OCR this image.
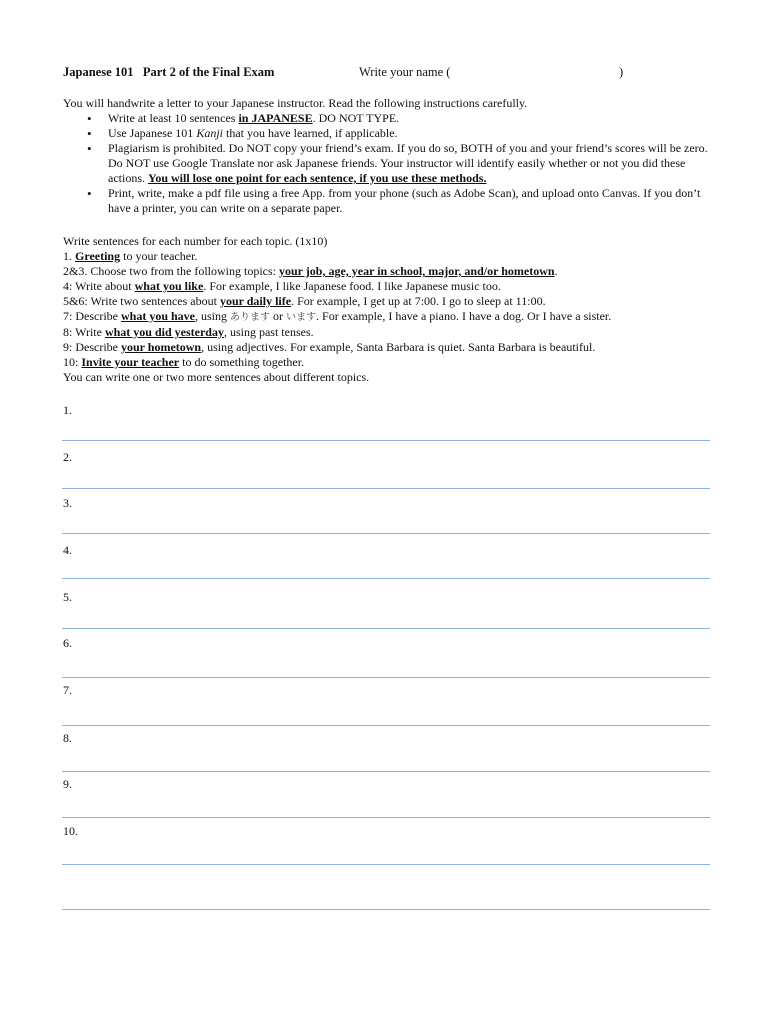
Japanese 101   Part 2 of the Final Exam	Write your name (	)
You will handwrite a letter to your Japanese instructor. Read the following instructions carefully.
• Write at least 10 sentences in JAPANESE. DO NOT TYPE.
• Use Japanese 101 Kanji that you have learned, if applicable.
• Plagiarism is prohibited. Do NOT copy your friend’s exam. If you do so, BOTH of you and your friend’s scores will be zero. Do NOT use Google Translate nor ask Japanese friends. Your instructor will identify easily whether or not you did these actions. You will lose one point for each sentence, if you use these methods.
• Print, write, make a pdf file using a free App. from your phone (such as Adobe Scan), and upload onto Canvas. If you don’t have a printer, you can write on a separate paper.
Write sentences for each number for each topic. (1x10)
1. Greeting to your teacher.
2&3. Choose two from the following topics: your job, age, year in school, major, and/or hometown.
4: Write about what you like. For example, I like Japanese food. I like Japanese music too.
5&6: Write two sentences about your daily life. For example, I get up at 7:00. I go to sleep at 11:00.
7: Describe what you have, using あります or います. For example, I have a piano. I have a dog. Or I have a sister.
8: Write what you did yesterday, using past tenses.
9: Describe your hometown, using adjectives. For example, Santa Barbara is quiet. Santa Barbara is beautiful.
10: Invite your teacher to do something together.
You can write one or two more sentences about different topics.
1.
2.
3.
4.
5.
6.
7.
8.
9.
10.
